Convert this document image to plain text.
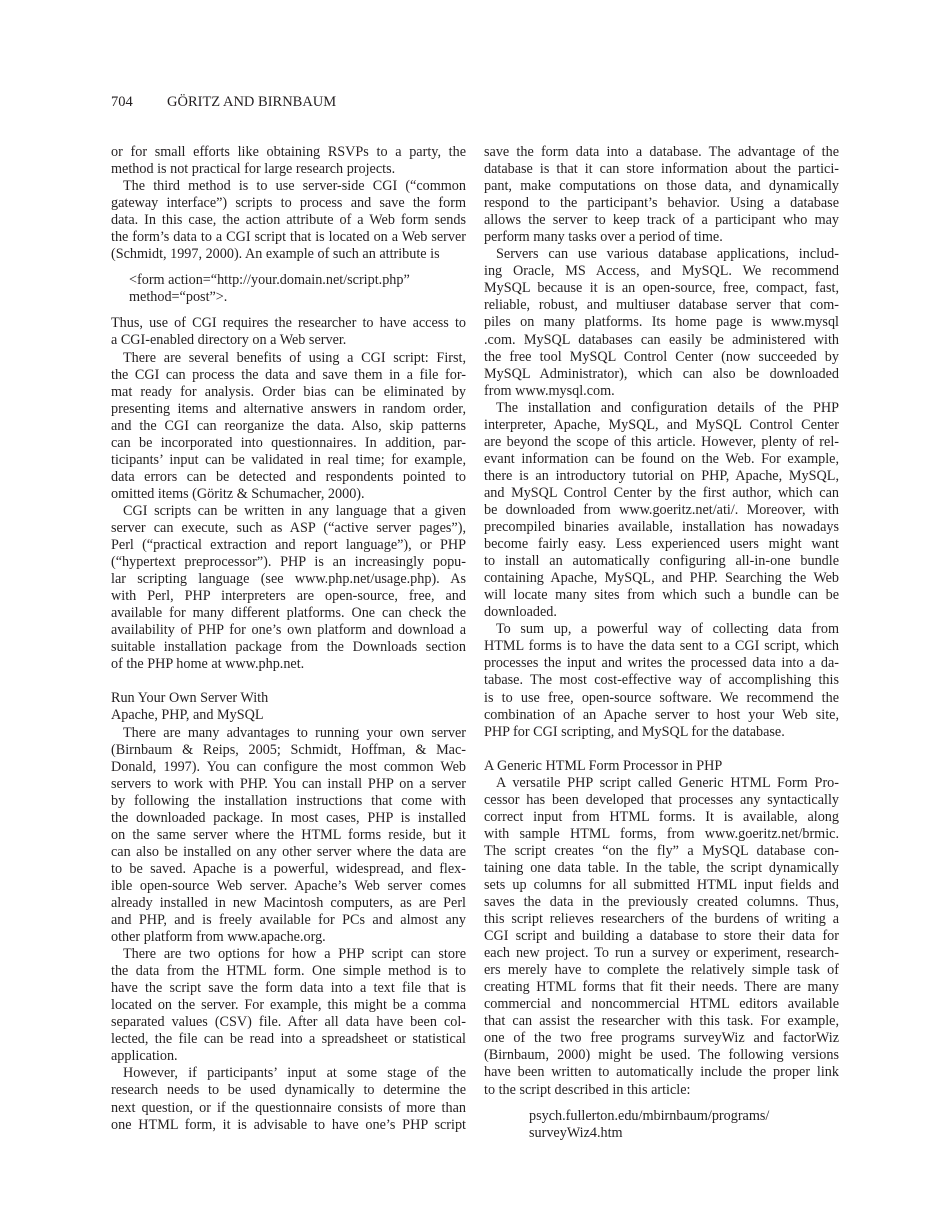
704 GÖRITZ AND BIRNBAUM
or for small efforts like obtaining RSVPs to a party, the
method is not practical for large research projects.
The third method is to use server-side CGI (“common
gateway interface”) scripts to process and save the form
data. In this case, the action attribute of a Web form sends
the form’s data to a CGI script that is located on a Web server
(Schmidt, 1997, 2000). An example of such an attribute is
<form action=“http://your.domain.net/script.php”
method=“post”>.
Thus, use of CGI requires the researcher to have access to
a CGI-enabled directory on a Web server.
There are several benefits of using a CGI script: First,
the CGI can process the data and save them in a file for-
mat ready for analysis. Order bias can be eliminated by
presenting items and alternative answers in random order,
and the CGI can reorganize the data. Also, skip patterns
can be incorporated into questionnaires. In addition, par-
ticipants’ input can be validated in real time; for example,
data errors can be detected and respondents pointed to
omitted items (Göritz & Schumacher, 2000).
CGI scripts can be written in any language that a given
server can execute, such as ASP (“active server pages”),
Perl (“practical extraction and report language”), or PHP
(“hypertext preprocessor”). PHP is an increasingly popu-
lar scripting language (see www.php.net/usage.php). As
with Perl, PHP interpreters are open-source, free, and
available for many different platforms. One can check the
availability of PHP for one’s own platform and download a
suitable installation package from the Downloads section
of the PHP home at www.php.net.
Run Your Own Server With
Apache, PHP, and MySQL
There are many advantages to running your own server
(Birnbaum & Reips, 2005; Schmidt, Hoffman, & Mac-
Donald, 1997). You can configure the most common Web
servers to work with PHP. You can install PHP on a server
by following the installation instructions that come with
the downloaded package. In most cases, PHP is installed
on the same server where the HTML forms reside, but it
can also be installed on any other server where the data are
to be saved. Apache is a powerful, widespread, and flex-
ible open-source Web server. Apache’s Web server comes
already installed in new Macintosh computers, as are Perl
and PHP, and is freely available for PCs and almost any
other platform from www.apache.org.
There are two options for how a PHP script can store
the data from the HTML form. One simple method is to
have the script save the form data into a text file that is
located on the server. For example, this might be a comma
separated values (CSV) file. After all data have been col-
lected, the file can be read into a spreadsheet or statistical
application.
However, if participants’ input at some stage of the
research needs to be used dynamically to determine the
next question, or if the questionnaire consists of more than
one HTML form, it is advisable to have one’s PHP script
save the form data into a database. The advantage of the
database is that it can store information about the partici-
pant, make computations on those data, and dynamically
respond to the participant’s behavior. Using a database
allows the server to keep track of a participant who may
perform many tasks over a period of time.
Servers can use various database applications, includ-
ing Oracle, MS Access, and MySQL. We recommend
MySQL because it is an open-source, free, compact, fast,
reliable, robust, and multiuser database server that com-
piles on many platforms. Its home page is www.mysql
.com. MySQL databases can easily be administered with
the free tool MySQL Control Center (now succeeded by
MySQL Administrator), which can also be downloaded
from www.mysql.com.
The installation and configuration details of the PHP
interpreter, Apache, MySQL, and MySQL Control Center
are beyond the scope of this article. However, plenty of rel-
evant information can be found on the Web. For example,
there is an introductory tutorial on PHP, Apache, MySQL,
and MySQL Control Center by the first author, which can
be downloaded from www.goeritz.net/ati/. Moreover, with
precompiled binaries available, installation has nowadays
become fairly easy. Less experienced users might want
to install an automatically configuring all-in-one bundle
containing Apache, MySQL, and PHP. Searching the Web
will locate many sites from which such a bundle can be
downloaded.
To sum up, a powerful way of collecting data from
HTML forms is to have the data sent to a CGI script, which
processes the input and writes the processed data into a da-
tabase. The most cost-effective way of accomplishing this
is to use free, open-source software. We recommend the
combination of an Apache server to host your Web site,
PHP for CGI scripting, and MySQL for the database.
A Generic HTML Form Processor in PHP
A versatile PHP script called Generic HTML Form Pro-
cessor has been developed that processes any syntactically
correct input from HTML forms. It is available, along
with sample HTML forms, from www.goeritz.net/brmic.
The script creates “on the fly” a MySQL database con-
taining one data table. In the table, the script dynamically
sets up columns for all submitted HTML input fields and
saves the data in the previously created columns. Thus,
this script relieves researchers of the burdens of writing a
CGI script and building a database to store their data for
each new project. To run a survey or experiment, research-
ers merely have to complete the relatively simple task of
creating HTML forms that fit their needs. There are many
commercial and noncommercial HTML editors available
that can assist the researcher with this task. For example,
one of the two free programs surveyWiz and factorWiz
(Birnbaum, 2000) might be used. The following versions
have been written to automatically include the proper link
to the script described in this article:
psych.fullerton.edu/mbirnbaum/programs/
surveyWiz4.htm
